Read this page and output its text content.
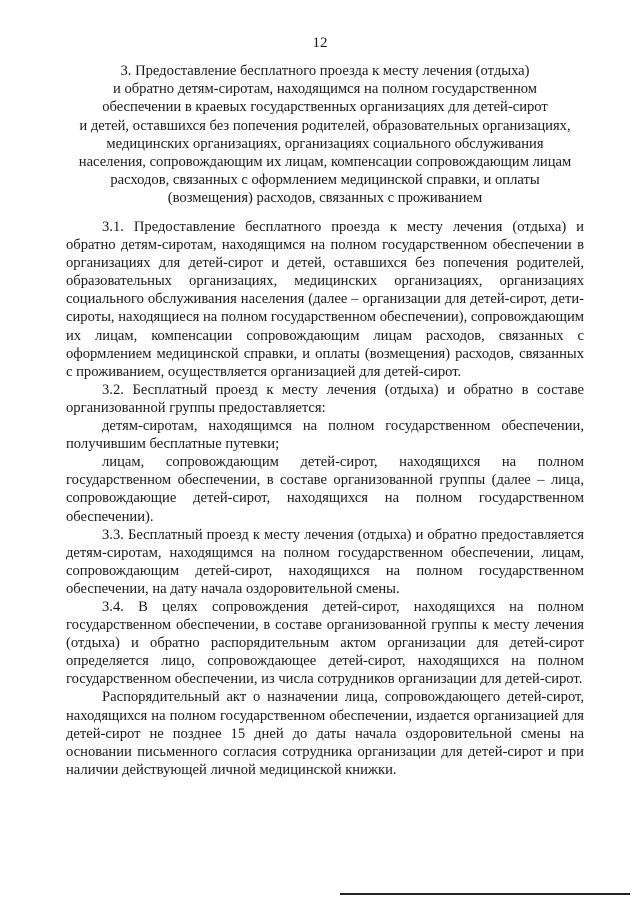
12
3. Предоставление бесплатного проезда к месту лечения (отдыха)
и обратно детям-сиротам, находящимся на полном государственном
обеспечении в краевых государственных организациях для детей-сирот
и детей, оставшихся без попечения родителей, образовательных организациях,
медицинских организациях, организациях социального обслуживания
населения, сопровождающим их лицам, компенсации сопровождающим лицам
расходов, связанных с оформлением медицинской справки, и оплаты
(возмещения) расходов, связанных с проживанием

3.1. Предоставление бесплатного проезда к месту лечения (отдыха) и обратно детям-сиротам, находящимся на полном государственном обеспечении в организациях для детей-сирот и детей, оставшихся без попечения родителей, образовательных организациях, медицинских организациях, организациях социального обслуживания населения (далее – организации для детей-сирот, дети-сироты, находящиеся на полном государственном обеспечении), сопровождающим их лицам, компенсации сопровождающим лицам расходов, связанных с оформлением медицинской справки, и оплаты (возмещения) расходов, связанных с проживанием, осуществляется организацией для детей-сирот.

3.2. Бесплатный проезд к месту лечения (отдыха) и обратно в составе организованной группы предоставляется:

детям-сиротам, находящимся на полном государственном обеспечении, получившим бесплатные путевки;

лицам, сопровождающим детей-сирот, находящихся на полном государственном обеспечении, в составе организованной группы (далее – лица, сопровождающие детей-сирот, находящихся на полном государственном обеспечении).

3.3. Бесплатный проезд к месту лечения (отдыха) и обратно предоставляется детям-сиротам, находящимся на полном государственном обеспечении, лицам, сопровождающим детей-сирот, находящихся на полном государственном обеспечении, на дату начала оздоровительной смены.

3.4. В целях сопровождения детей-сирот, находящихся на полном государственном обеспечении, в составе организованной группы к месту лечения (отдыха) и обратно распорядительным актом организации для детей-сирот определяется лицо, сопровождающее детей-сирот, находящихся на полном государственном обеспечении, из числа сотрудников организации для детей-сирот.

Распорядительный акт о назначении лица, сопровождающего детей-сирот, находящихся на полном государственном обеспечении, издается организацией для детей-сирот не позднее 15 дней до даты начала оздоровительной смены на основании письменного согласия сотрудника организации для детей-сирот и при наличии действующей личной медицинской книжки.
